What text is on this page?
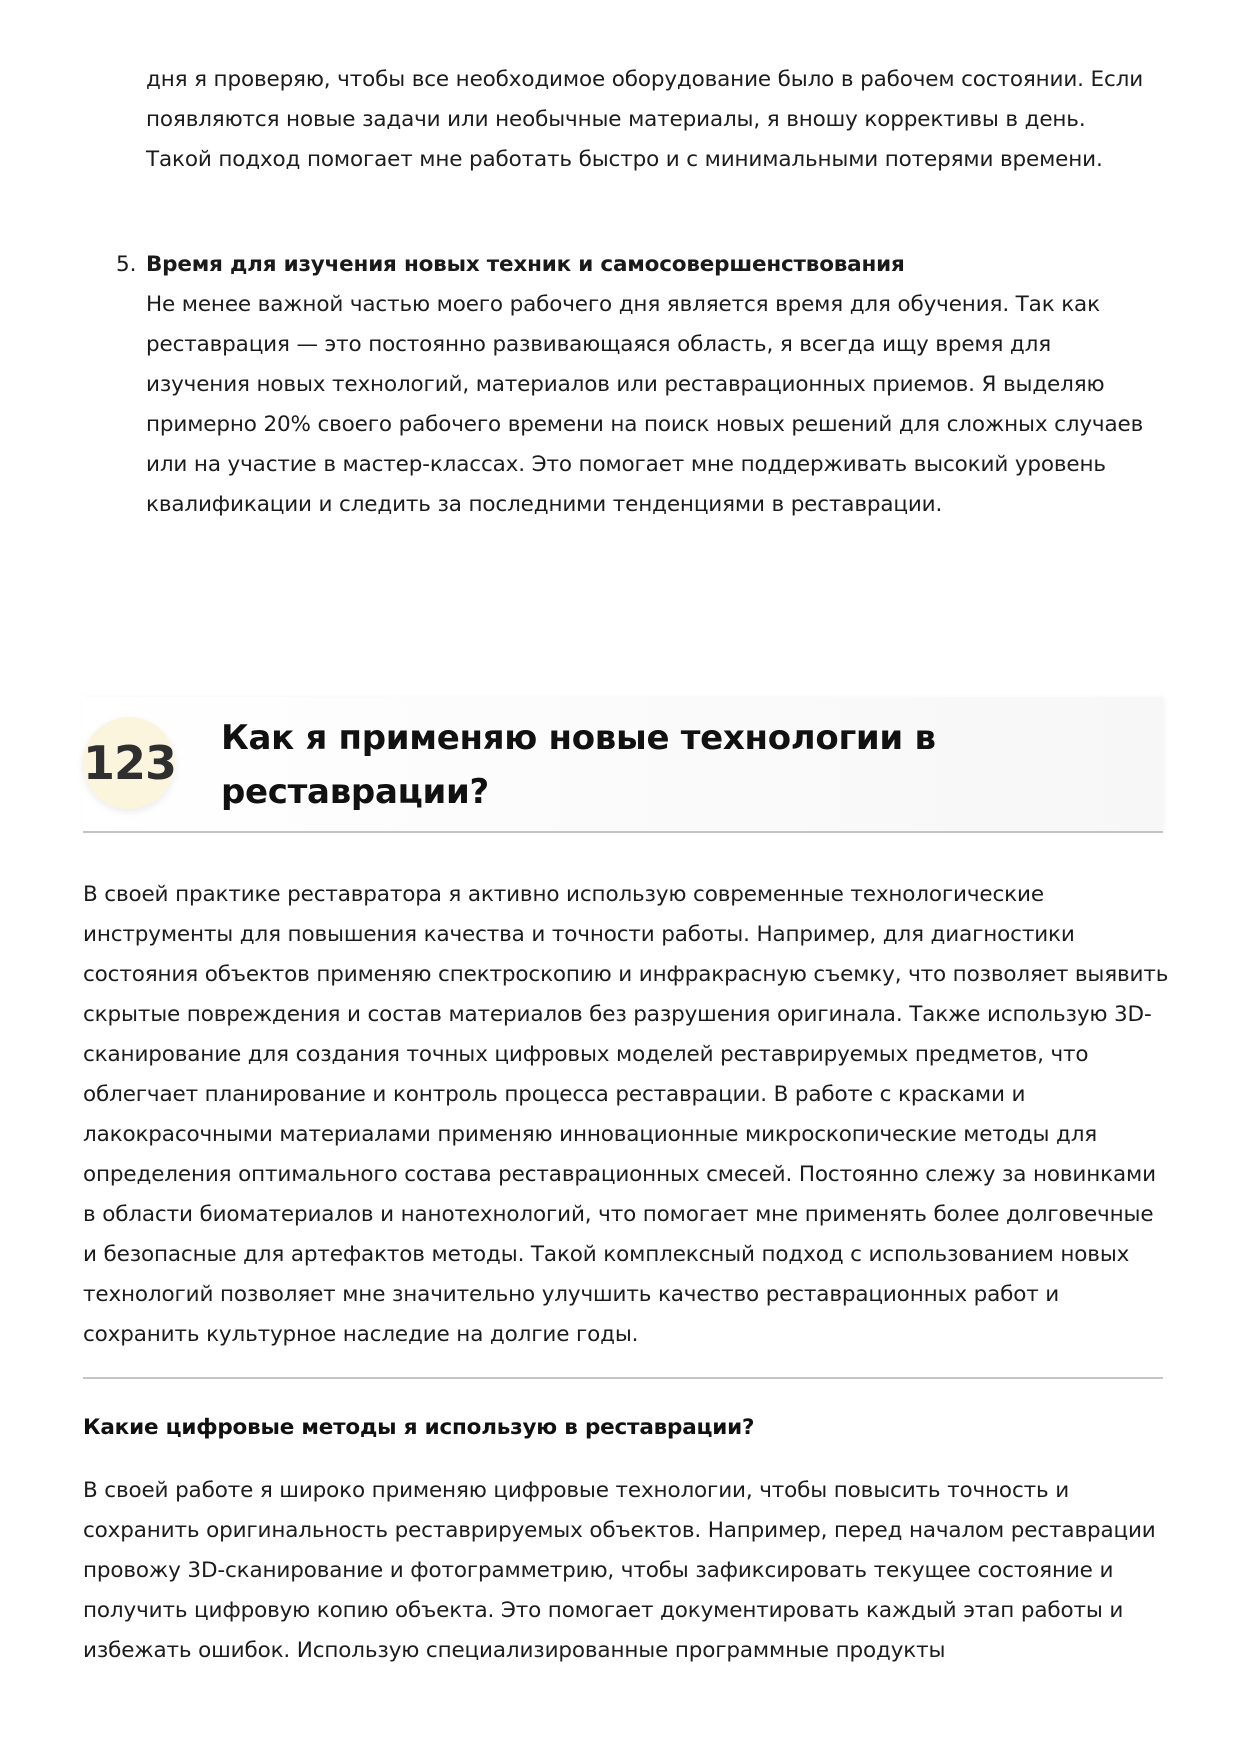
дня я проверяю, чтобы все необходимое оборудование было в рабочем состоянии. Если появляются новые задачи или необычные материалы, я вношу коррективы в день. Такой подход помогает мне работать быстро и с минимальными потерями времени.

5. Время для изучения новых техник и самосовершенствования

Не менее важной частью моего рабочего дня является время для обучения. Так как реставрация — это постоянно развивающаяся область, я всегда ищу время для изучения новых технологий, материалов или реставрационных приемов. Я выделяю примерно 20% своего рабочего времени на поиск новых решений для сложных случаев или на участие в мастер-классах. Это помогает мне поддерживать высокий уровень квалификации и следить за последними тенденциями в реставрации.

123 Как я применяю новые технологии в реставрации?

В своей практике реставратора я активно использую современные технологические инструменты для повышения качества и точности работы. Например, для диагностики состояния объектов применяю спектроскопию и инфракрасную съемку, что позволяет выявить скрытые повреждения и состав материалов без разрушения оригинала. Также использую 3D-сканирование для создания точных цифровых моделей реставрируемых предметов, что облегчает планирование и контроль процесса реставрации. В работе с красками и лакокрасочными материалами применяю инновационные микроскопические методы для определения оптимального состава реставрационных смесей. Постоянно слежу за новинками в области биоматериалов и нанотехнологий, что помогает мне применять более долговечные и безопасные для артефактов методы. Такой комплексный подход с использованием новых технологий позволяет мне значительно улучшить качество реставрационных работ и сохранить культурное наследие на долгие годы.

Какие цифровые методы я использую в реставрации?

В своей работе я широко применяю цифровые технологии, чтобы повысить точность и сохранить оригинальность реставрируемых объектов. Например, перед началом реставрации провожу 3D-сканирование и фотограмметрию, чтобы зафиксировать текущее состояние и получить цифровую копию объекта. Это помогает документировать каждый этап работы и избежать ошибок. Использую специализированные программные продукты
